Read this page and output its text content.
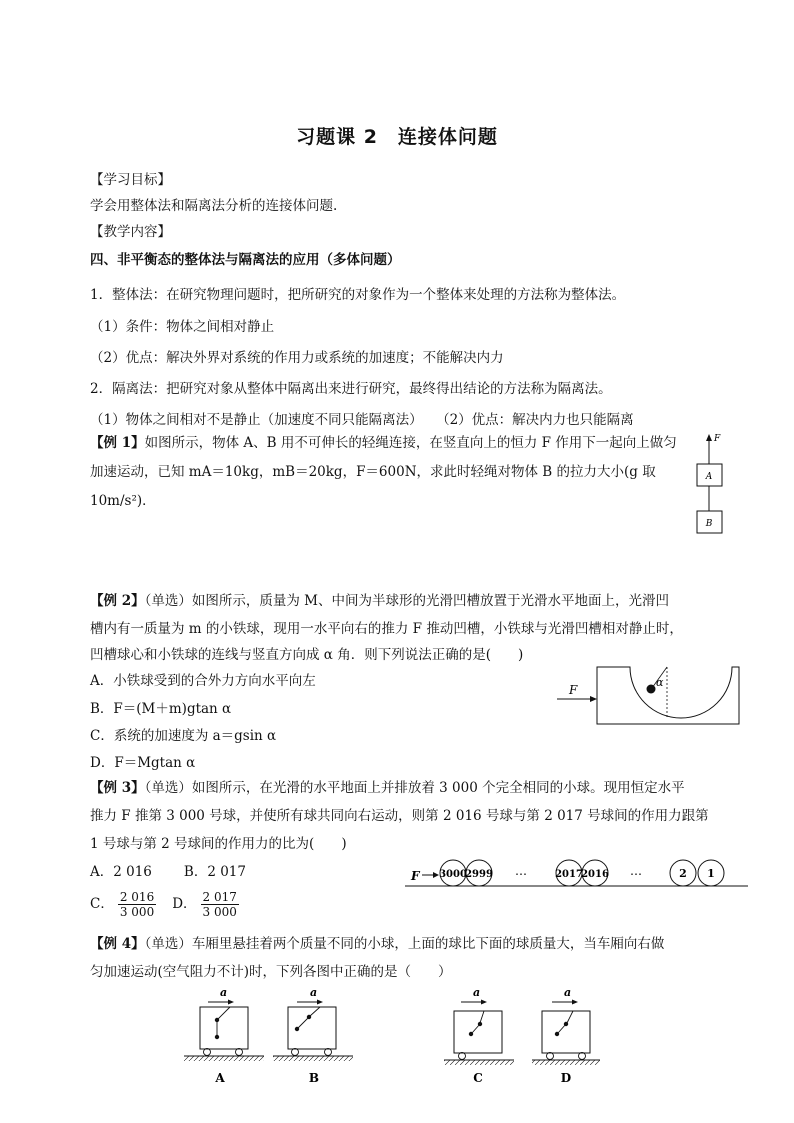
习题课 2　连接体问题
【学习目标】
学会用整体法和隔离法分析的连接体问题.
【教学内容】
四、非平衡态的整体法与隔离法的应用（多体问题）
1．整体法：在研究物理问题时，把所研究的对象作为一个整体来处理的方法称为整体法。
（1）条件：物体之间相对静止
（2）优点：解决外界对系统的作用力或系统的加速度；不能解决内力
2．隔离法：把研究对象从整体中隔离出来进行研究，最终得出结论的方法称为隔离法。
（1）物体之间相对不是静止（加速度不同只能隔离法）　　（2）优点：解决内力也只能隔离
【例 1】如图所示，物体 A、B 用不可伸长的轻绳连接，在竖直向上的恒力 F 作用下一起向上做匀
加速运动，已知 mA＝10kg，mB＝20kg，F＝600N，求此时轻绳对物体 B 的拉力大小(g 取
10m/s²)．
F
A
B
【例 2】（单选）如图所示，质量为 M、中间为半球形的光滑凹槽放置于光滑水平地面上，光滑凹
槽内有一质量为 m 的小铁球，现用一水平向右的推力 F 推动凹槽，小铁球与光滑凹槽相对静止时，
凹槽球心和小铁球的连线与竖直方向成 α 角．则下列说法正确的是(　　)
A．小铁球受到的合外力方向水平向左
B．F＝(M＋m)gtan α
C．系统的加速度为 a＝gsin α
D．F＝Mgtan α
F
α
【例 3】（单选）如图所示，在光滑的水平地面上并排放着 3 000 个完全相同的小球。现用恒定水平
推力 F 推第 3 000 号球，并使所有球共同向右运动，则第 2 016 号球与第 2 017 号球间的作用力跟第
1 号球与第 2 号球间的作用力的比为(　　)
A．2 016 B．2 017
C． $\frac{2 016}{3 000}$ D． $\frac{2 017}{3 000}$
F 3000
2999 …	2017
2016 …	2 1
【例 4】（单选）车厢里悬挂着两个质量不同的小球，上面的球比下面的球质量大，当车厢向右做
匀加速运动(空气阻力不计)时，下列各图中正确的是（　　）
a
A
a
B
a
C
a
D
